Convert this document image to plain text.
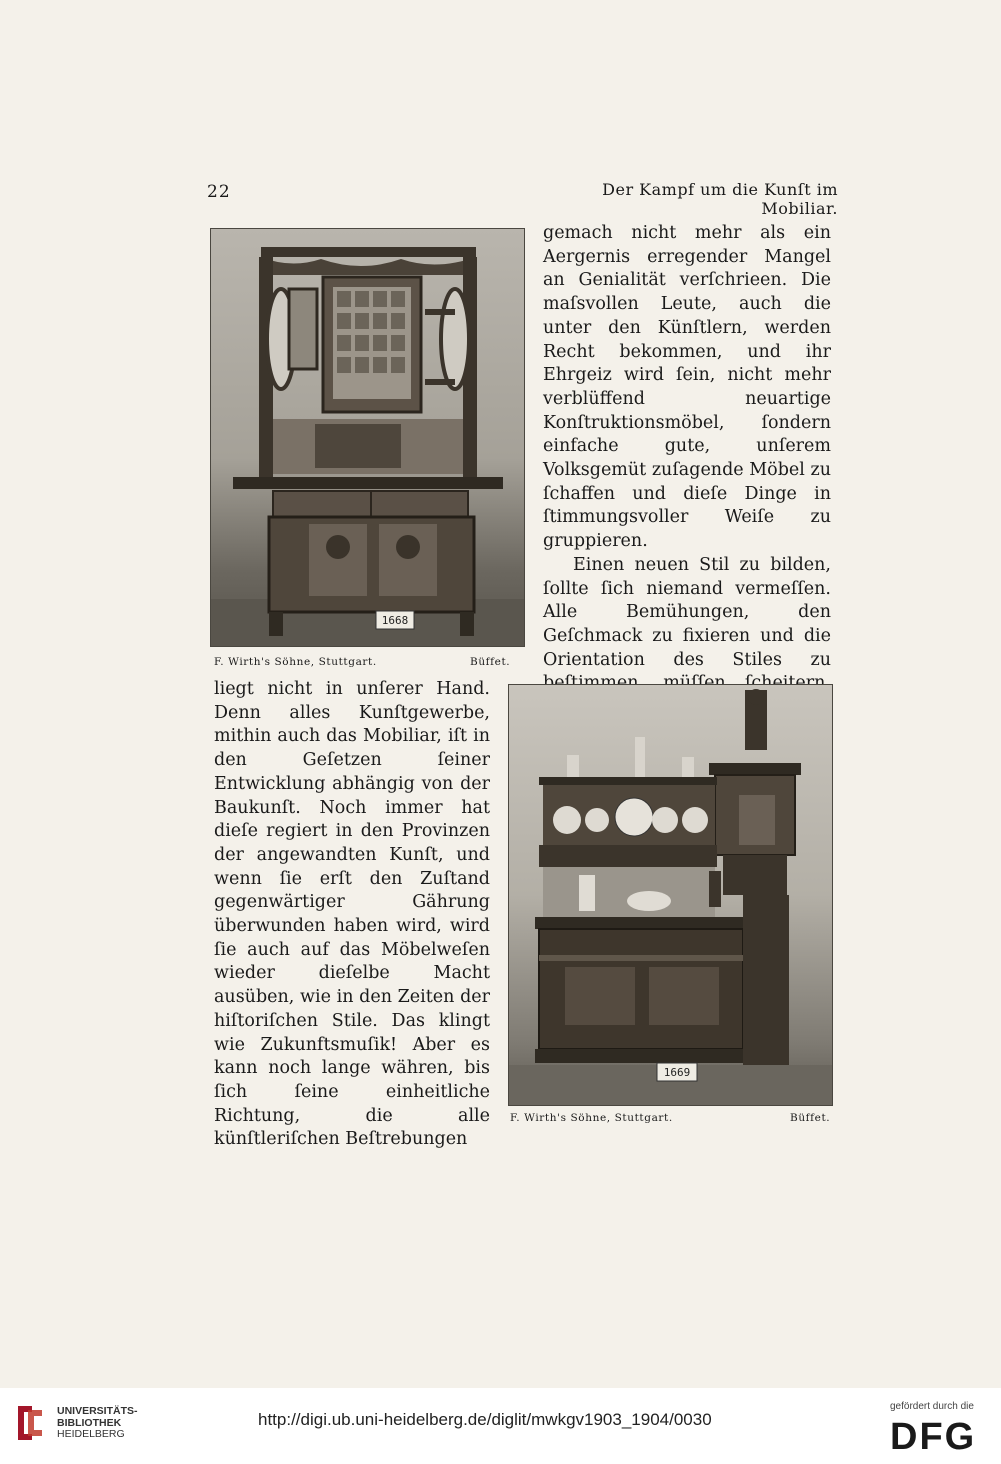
22	Der Kampf um die Kunſt im Mobiliar.
1668
F. Wirth's Söhne, Stuttgart.	Büffet.

gemach nicht mehr als ein Aergernis erregender Mangel an Genialität verſchrieen. Die maſsvollen Leute, auch die unter den Künſtlern, werden Recht bekommen, und ihr Ehrgeiz wird ſein, nicht mehr verblüffend neuartige Konſtruktionsmöbel, ſondern einfache gute, unſerem Volksgemüt zuſagende Möbel zu ſchaffen und dieſe Dinge in ſtimmungsvoller Weiſe zu gruppieren.

Einen neuen Stil zu bilden, ſollte ſich niemand vermeſſen. Alle Bemühungen, den Geſchmack zu fixieren und die Orientation des Stiles zu

liegt nicht in unſerer Hand. Denn alles Kunſtgewerbe, mithin auch das Mobiliar, iſt in den Geſetzen ſeiner Entwicklung abhängig von der Baukunſt. Noch immer hat dieſe regiert in den Provinzen der angewandten Kunſt, und wenn ſie erſt den Zuſtand gegenwärtiger Gährung überwunden haben wird, wird ſie auch auf das Möbelweſen wieder dieſelbe Macht ausüben, wie in den Zeiten der hiſtoriſchen Stile. Das klingt wie Zukunftsmuſik! Aber es kann noch lange währen, bis ſich ſeine einheitliche Richtung, die alle künſtleriſchen Beſtrebungen

1669
F. Wirth's Söhne, Stuttgart.	Büffet.
UNIVERSITÄTS-
BIBLIOTHEK
HEIDELBERG
http://digi.ub.uni-heidelberg.de/diglit/mwkgv1903_1904/0030
gefördert durch die
DFG
